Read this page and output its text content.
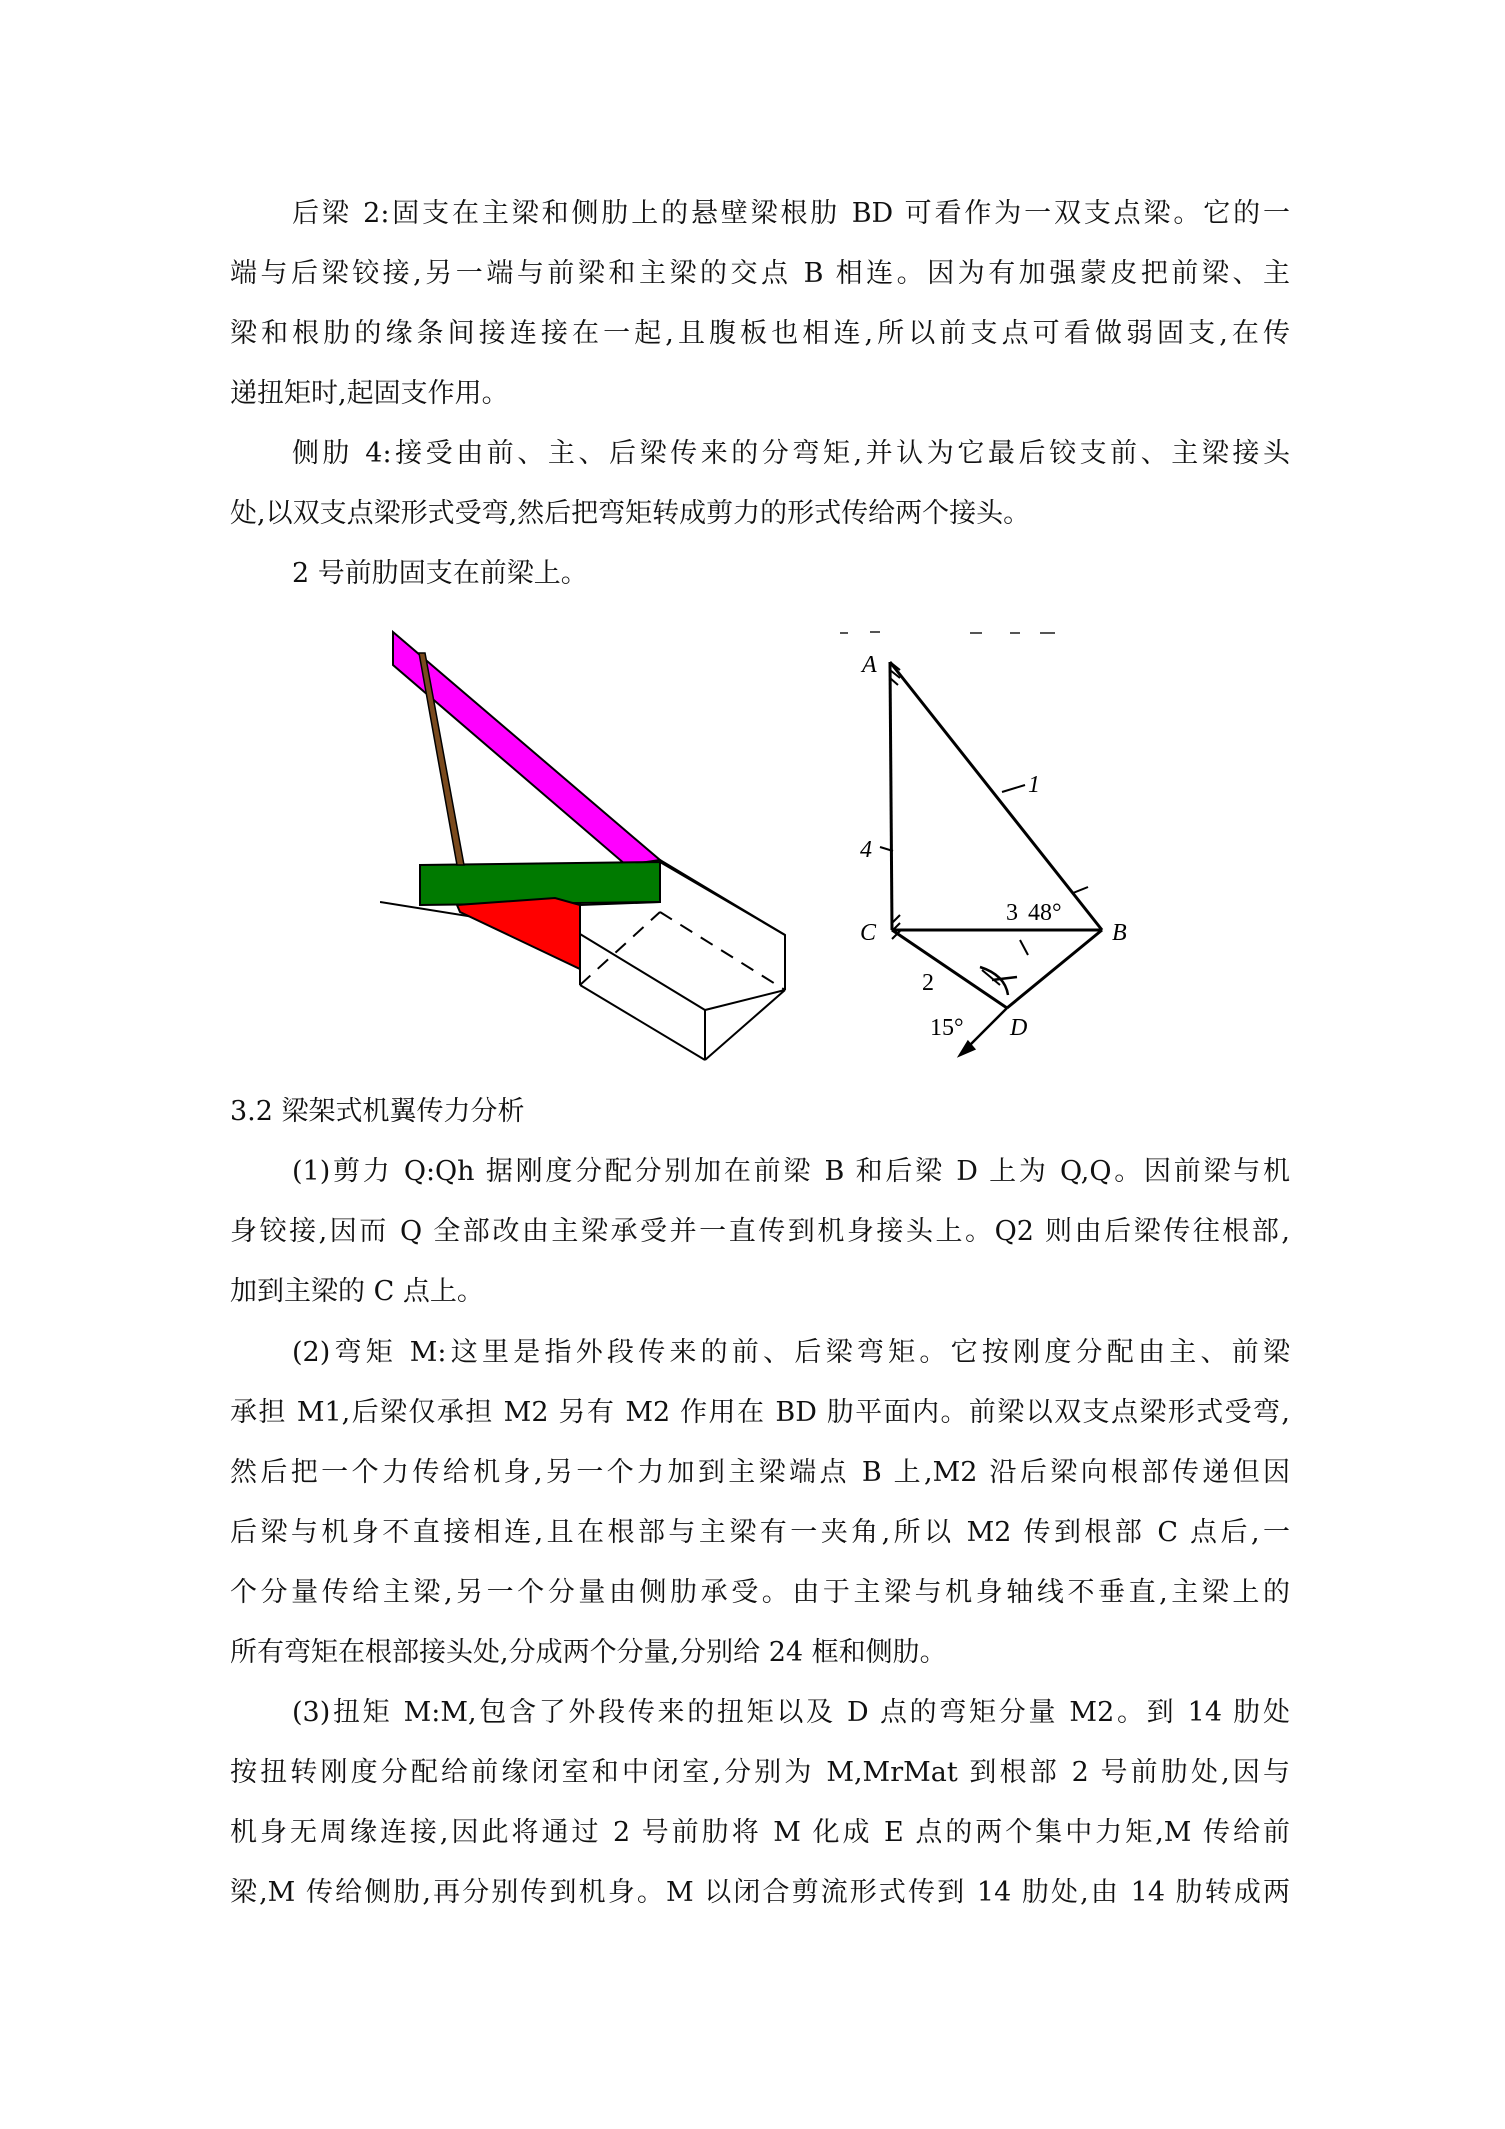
后梁 2:固支在主梁和侧肋上的悬壁梁根肋 BD 可看作为一双支点梁。它的一
端与后梁铰接,另一端与前梁和主梁的交点 B 相连。因为有加强蒙皮把前梁、主
梁和根肋的缘条间接连接在一起,且腹板也相连,所以前支点可看做弱固支,在传
递扭矩时,起固支作用。
侧肋 4:接受由前、主、后梁传来的分弯矩,并认为它最后铰支前、主梁接头
处,以双支点梁形式受弯,然后把弯矩转成剪力的形式传给两个接头。
2 号前肋固支在前梁上。
A
1
4
3 48°
C	B
2
15° D
3.2 梁架式机翼传力分析
(1)剪力 Q:Qh 据刚度分配分别加在前梁 B 和后梁 D 上为 Q,Q。因前梁与机
身铰接,因而 Q 全部改由主梁承受并一直传到机身接头上。Q2 则由后梁传往根部,
加到主梁的 C 点上。
(2)弯矩 M:这里是指外段传来的前、后梁弯矩。它按刚度分配由主、前梁
承担 M1,后梁仅承担 M2 另有 M2 作用在 BD 肋平面内。前梁以双支点梁形式受弯,
然后把一个力传给机身,另一个力加到主梁端点 B 上,M2 沿后梁向根部传递但因
后梁与机身不直接相连,且在根部与主梁有一夹角,所以 M2 传到根部 C 点后,一
个分量传给主梁,另一个分量由侧肋承受。由于主梁与机身轴线不垂直,主梁上的
所有弯矩在根部接头处,分成两个分量,分别给 24 框和侧肋。
(3)扭矩 M:M,包含了外段传来的扭矩以及 D 点的弯矩分量 M2。到 14 肋处
按扭转刚度分配给前缘闭室和中闭室,分别为 M,MrMat 到根部 2 号前肋处,因与
机身无周缘连接,因此将通过 2 号前肋将 M 化成 E 点的两个集中力矩,M 传给前
梁,M 传给侧肋,再分别传到机身。M 以闭合剪流形式传到 14 肋处,由 14 肋转成两
